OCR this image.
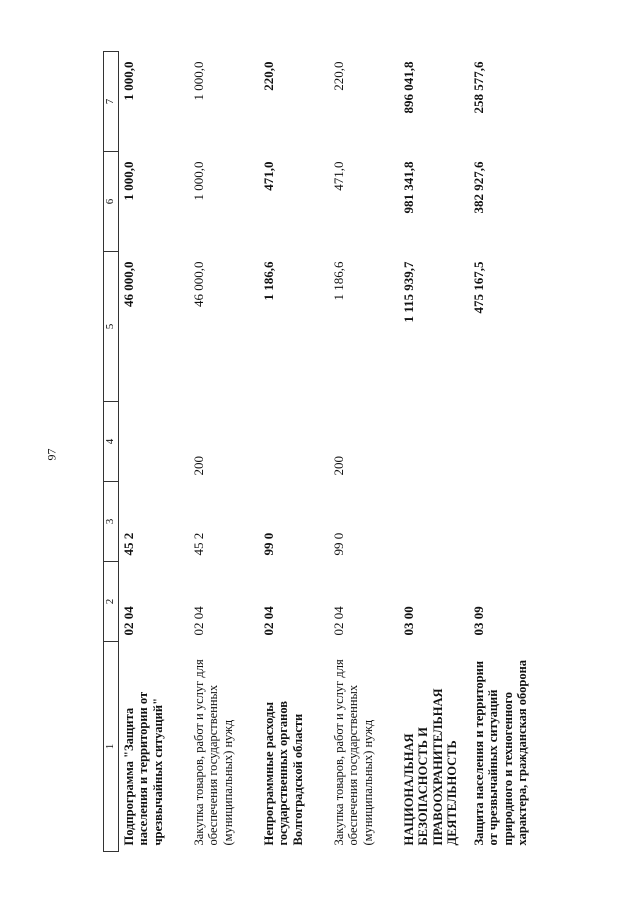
97
1	2	3	4	5	6	7
Подпрограмма "Защита населения и территории от чрезвычайных ситуаций"	02 04	45 2		46 000,0	1 000,0	1 000,0
Закупка товаров, работ и услуг для обеспечения государственных (муниципальных) нужд	02 04	45 2	200	46 000,0	1 000,0	1 000,0
Непрограммные расходы государственных органов Волгоградской области	02 04	99 0		1 186,6	471,0	220,0
Закупка товаров, работ и услуг для обеспечения государственных (муниципальных) нужд	02 04	99 0	200	1 186,6	471,0	220,0
НАЦИОНАЛЬНАЯ БЕЗОПАСНОСТЬ И ПРАВООХРАНИТЕЛЬНАЯ ДЕЯТЕЛЬНОСТЬ	03 00			1 115 939,7	981 341,8	896 041,8
Защита населения и территории от чрезвычайных ситуаций природного и техногенного характера, гражданская оборона	03 09			475 167,5	382 927,6	258 577,6
